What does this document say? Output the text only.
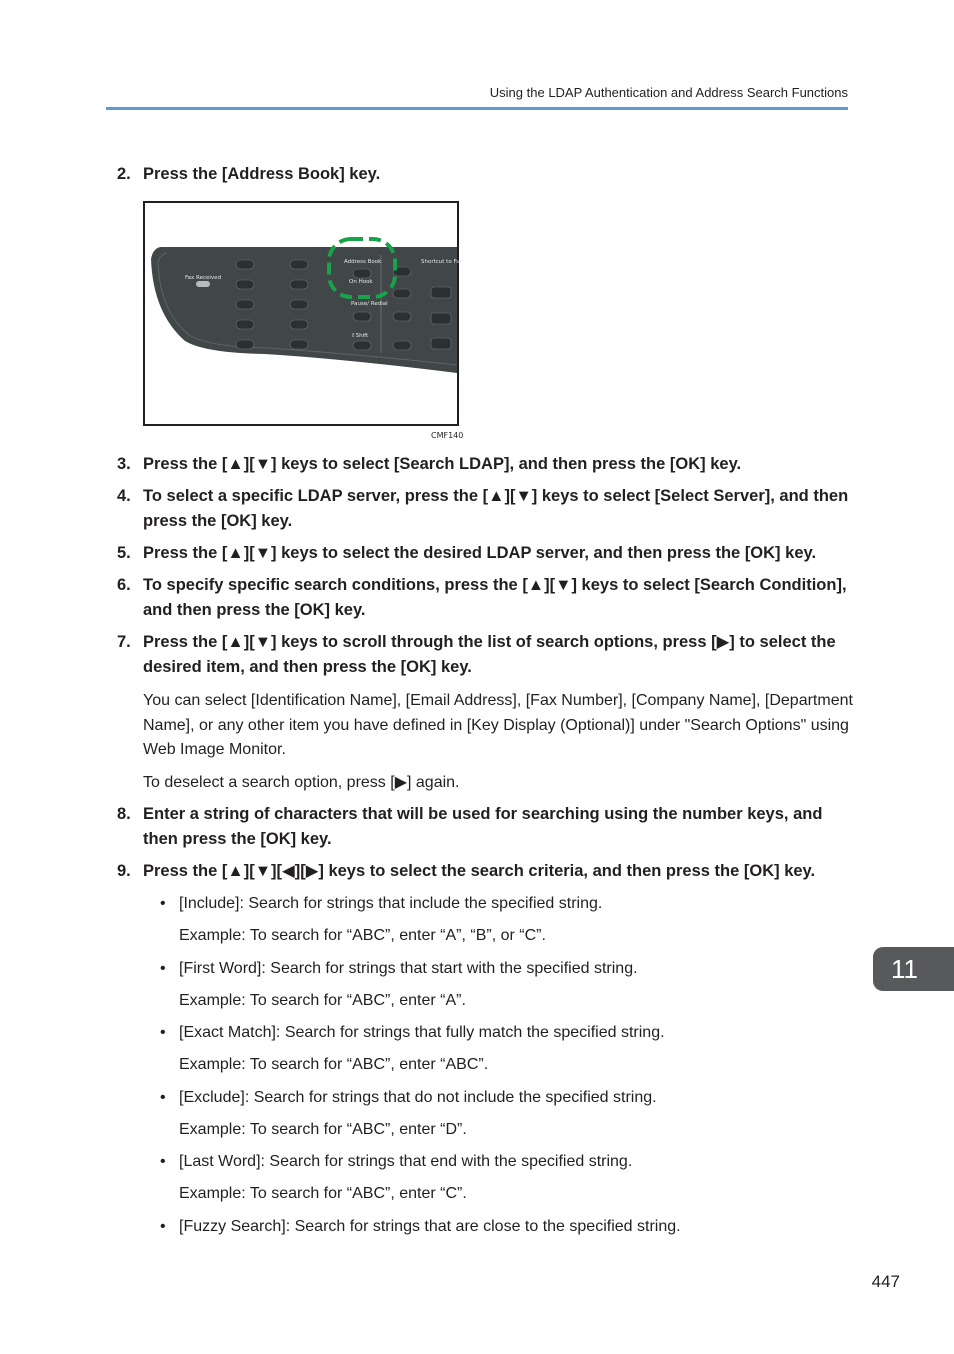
Using the LDAP Authentication and Address Search Functions
2. Press the [Address Book] key.
Fax Received
Address Book
On Hook
Pause/ Redial
⇧Shift
Shortcut to Fun
CMF140
3. Press the [▲][▼] keys to select [Search LDAP], and then press the [OK] key.
4. To select a specific LDAP server, press the [▲][▼] keys to select [Select Server], and then press the [OK] key.
5. Press the [▲][▼] keys to select the desired LDAP server, and then press the [OK] key.
6. To specify specific search conditions, press the [▲][▼] keys to select [Search Condition], and then press the [OK] key.
7. Press the [▲][▼] keys to scroll through the list of search options, press [▶] to select the desired item, and then press the [OK] key.
You can select [Identification Name], [Email Address], [Fax Number], [Company Name], [Department Name], or any other item you have defined in [Key Display (Optional)] under "Search Options" using Web Image Monitor.
To deselect a search option, press [▶] again.
8. Enter a string of characters that will be used for searching using the number keys, and then press the [OK] key.
9. Press the [▲][▼][◀][▶] keys to select the search criteria, and then press the [OK] key.
• [Include]: Search for strings that include the specified string.
Example: To search for “ABC”, enter “A”, “B”, or “C”.
• [First Word]: Search for strings that start with the specified string.
Example: To search for “ABC”, enter “A”.
• [Exact Match]: Search for strings that fully match the specified string.
Example: To search for “ABC”, enter “ABC”.
• [Exclude]: Search for strings that do not include the specified string.
Example: To search for “ABC”, enter “D”.
• [Last Word]: Search for strings that end with the specified string.
Example: To search for “ABC”, enter “C”.
• [Fuzzy Search]: Search for strings that are close to the specified string.
11
447
